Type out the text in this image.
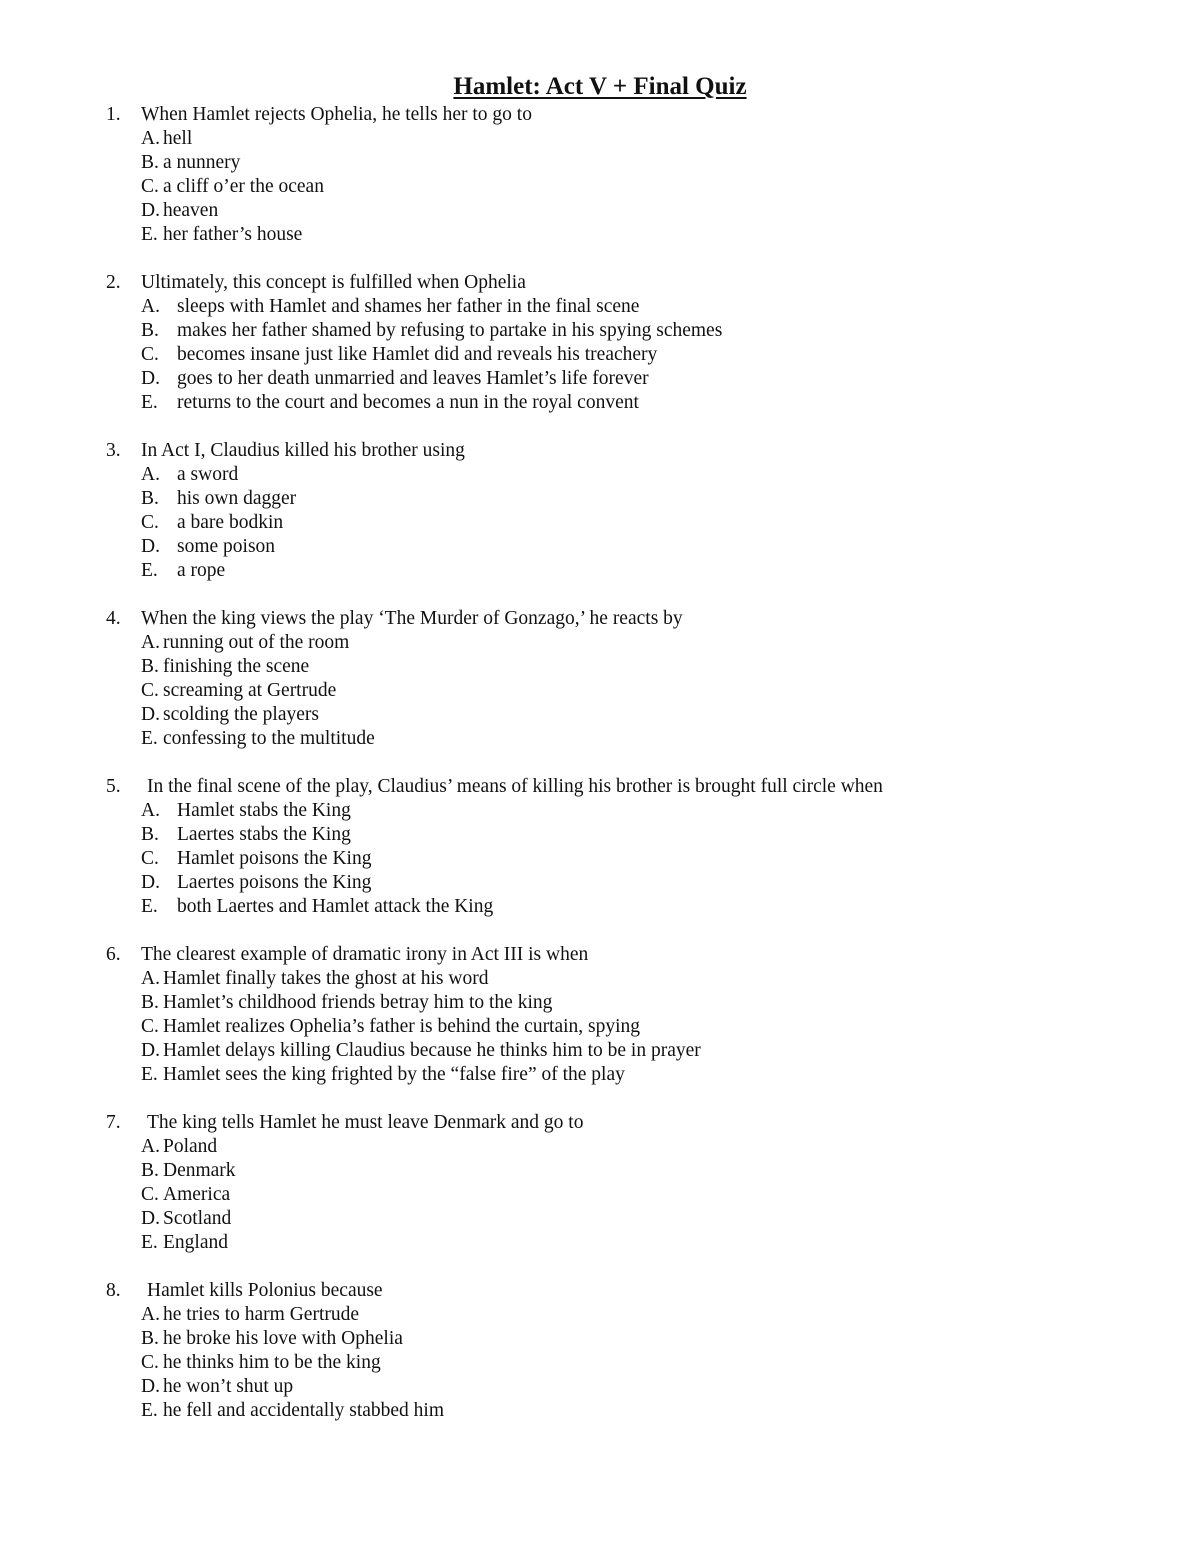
Hamlet: Act V + Final Quiz
1. When Hamlet rejects Ophelia, he tells her to go to
A. hell
B. a nunnery
C. a cliff o’er the ocean
D. heaven
E. her father’s house
2. Ultimately, this concept is fulfilled when Ophelia
A. sleeps with Hamlet and shames her father in the final scene
B. makes her father shamed by refusing to partake in his spying schemes
C. becomes insane just like Hamlet did and reveals his treachery
D. goes to her death unmarried and leaves Hamlet’s life forever
E. returns to the court and becomes a nun in the royal convent
3. In Act I, Claudius killed his brother using
A. a sword
B. his own dagger
C. a bare bodkin
D. some poison
E. a rope
4. When the king views the play ‘The Murder of Gonzago,’ he reacts by
A. running out of the room
B. finishing the scene
C. screaming at Gertrude
D. scolding the players
E. confessing to the multitude
5. In the final scene of the play, Claudius’ means of killing his brother is brought full circle when
A. Hamlet stabs the King
B. Laertes stabs the King
C. Hamlet poisons the King
D. Laertes poisons the King
E. both Laertes and Hamlet attack the King
6. The clearest example of dramatic irony in Act III is when
A. Hamlet finally takes the ghost at his word
B. Hamlet’s childhood friends betray him to the king
C. Hamlet realizes Ophelia’s father is behind the curtain, spying
D. Hamlet delays killing Claudius because he thinks him to be in prayer
E. Hamlet sees the king frighted by the “false fire” of the play
7. The king tells Hamlet he must leave Denmark and go to
A. Poland
B. Denmark
C. America
D. Scotland
E. England
8. Hamlet kills Polonius because
A. he tries to harm Gertrude
B. he broke his love with Ophelia
C. he thinks him to be the king
D. he won’t shut up
E. he fell and accidentally stabbed him
